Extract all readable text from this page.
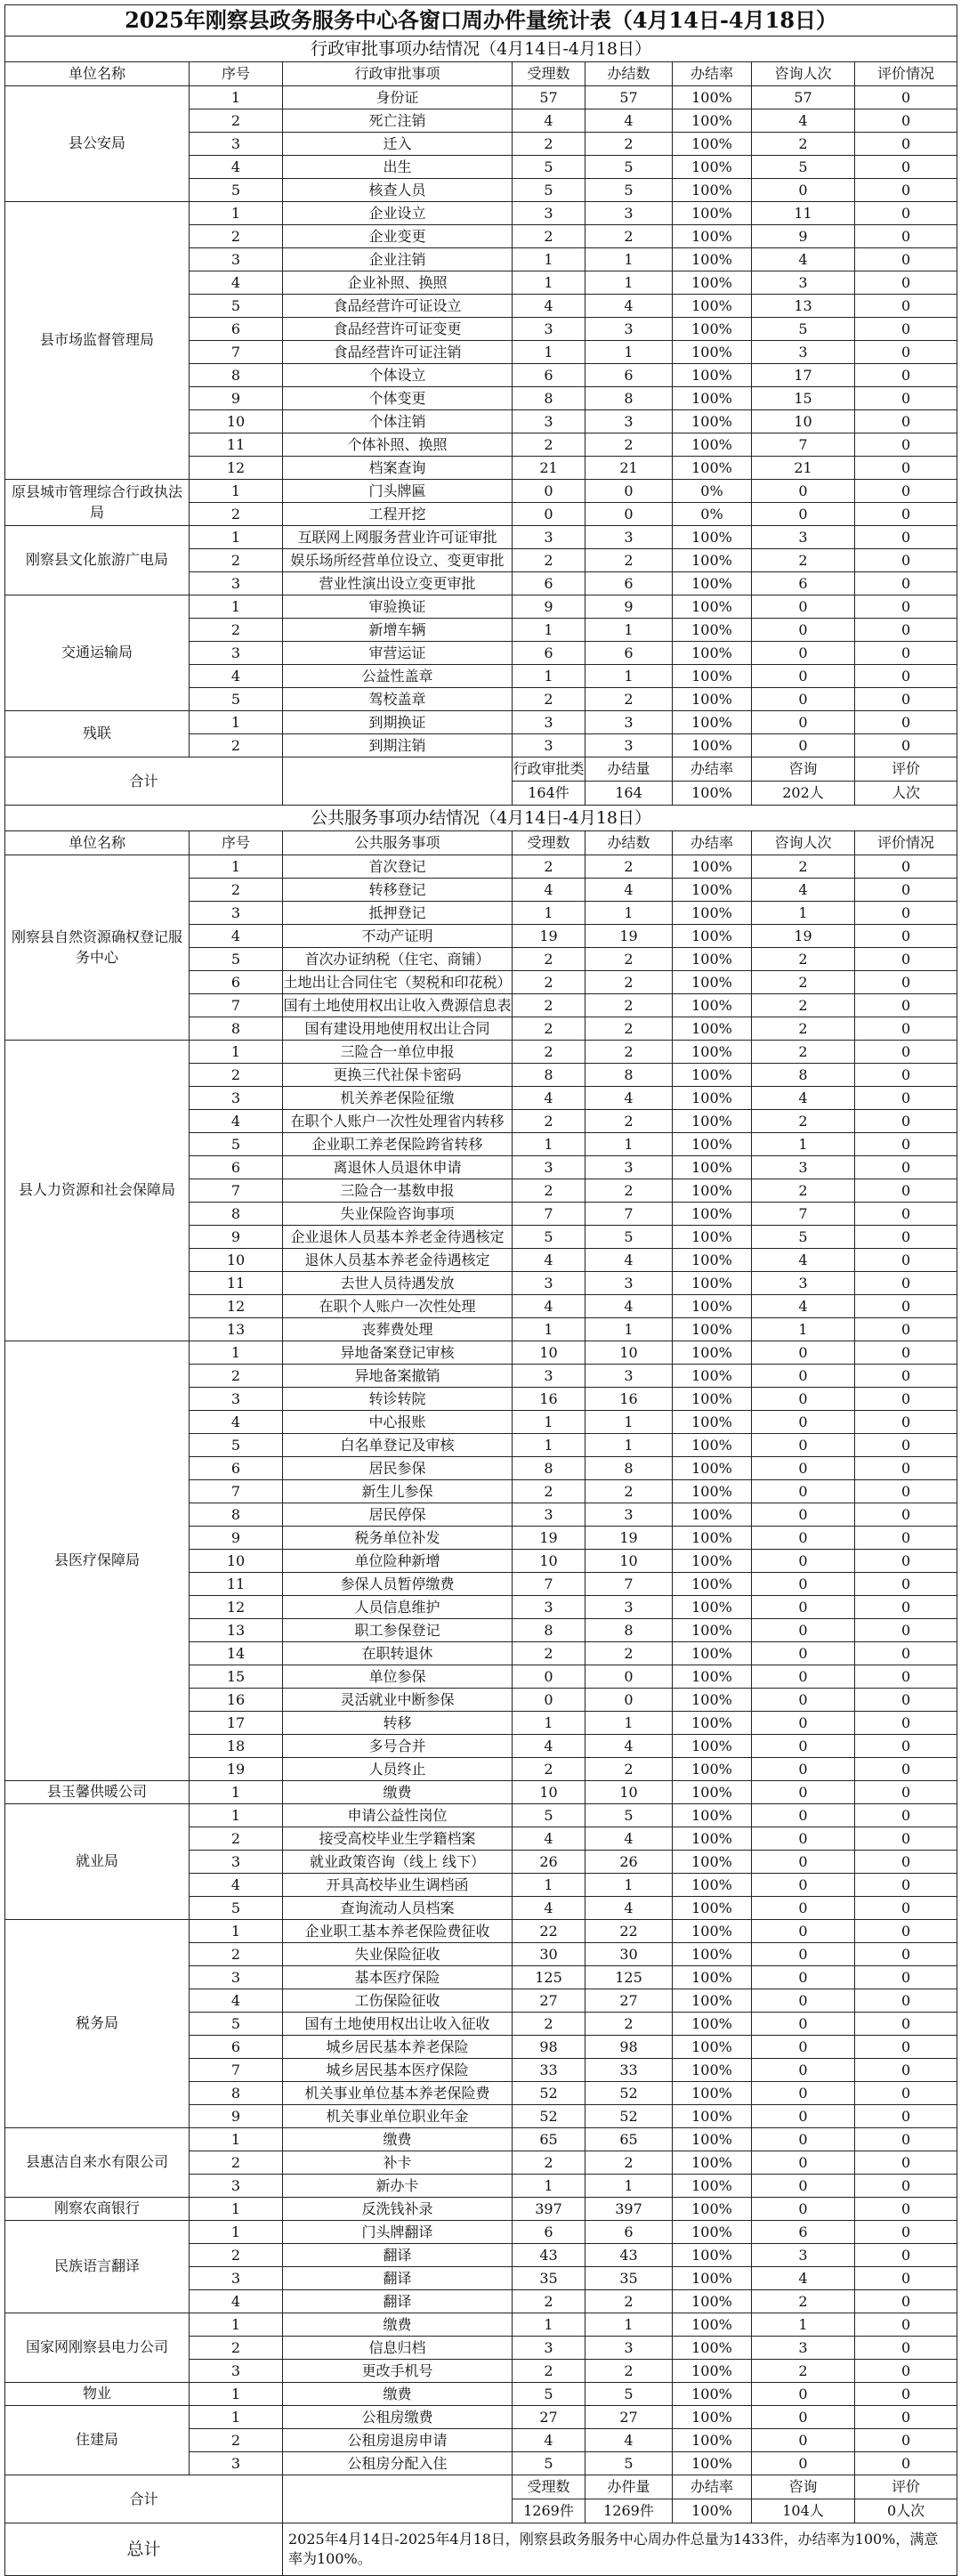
2025年刚察县政务服务中心各窗口周办件量统计表（4月14日-4月18日）							
行政审批事项办结情况（4月14日-4月18日）							
单位名称	序号	行政审批事项	受理数	办结数	办结率	咨询人次	评价情况
县公安局	1	身份证	57	57	100%	57	0
	2	死亡注销	4	4	100%	4	0
	3	迁入	2	2	100%	2	0
	4	出生	5	5	100%	5	0
	5	核查人员	5	5	100%	0	0
县市场监督管理局	1	企业设立	3	3	100%	11	0
	2	企业变更	2	2	100%	9	0
	3	企业注销	1	1	100%	4	0
	4	企业补照、换照	1	1	100%	3	0
	5	食品经营许可证设立	4	4	100%	13	0
	6	食品经营许可证变更	3	3	100%	5	0
	7	食品经营许可证注销	1	1	100%	3	0
	8	个体设立	6	6	100%	17	0
	9	个体变更	8	8	100%	15	0
	10	个体注销	3	3	100%	10	0
	11	个体补照、换照	2	2	100%	7	0
	12	档案查询	21	21	100%	21	0
原县城市管理综合行政执法局	1	门头牌匾	0	0	0%	0	0
	2	工程开挖	0	0	0%	0	0
刚察县文化旅游广电局	1	互联网上网服务营业许可证审批	3	3	100%	3	0
	2	娱乐场所经营单位设立、变更审批	2	2	100%	2	0
	3	营业性演出设立变更审批	6	6	100%	6	0
交通运输局	1	审验换证	9	9	100%	0	0
	2	新增车辆	1	1	100%	0	0
	3	审营运证	6	6	100%	0	0
	4	公益性盖章	1	1	100%	0	0
	5	驾校盖章	2	2	100%	0	0
残联	1	到期换证	3	3	100%	0	0
	2	到期注销	3	3	100%	0	0
合计			行政审批类	办结量	办结率	咨询	评价
			164件	164	100%	202人	人次
公共服务事项办结情况（4月14日-4月18日）							
单位名称	序号	公共服务事项	受理数	办结数	办结率	咨询人次	评价情况
刚察县自然资源确权登记服务中心	1	首次登记	2	2	100%	2	0
	2	转移登记	4	4	100%	4	0
	3	抵押登记	1	1	100%	1	0
	4	不动产证明	19	19	100%	19	0
	5	首次办证纳税（住宅、商铺）	2	2	100%	2	0
	6	土地出让合同住宅（契税和印花税）	2	2	100%	2	0
	7	国有土地使用权出让收入费源信息表	2	2	100%	2	0
	8	国有建设用地使用权出让合同	2	2	100%	2	0
县人力资源和社会保障局	1	三险合一单位申报	2	2	100%	2	0
	2	更换三代社保卡密码	8	8	100%	8	0
	3	机关养老保险征缴	4	4	100%	4	0
	4	在职个人账户一次性处理省内转移	2	2	100%	2	0
	5	企业职工养老保险跨省转移	1	1	100%	1	0
	6	离退休人员退休申请	3	3	100%	3	0
	7	三险合一基数申报	2	2	100%	2	0
	8	失业保险咨询事项	7	7	100%	7	0
	9	企业退休人员基本养老金待遇核定	5	5	100%	5	0
	10	退休人员基本养老金待遇核定	4	4	100%	4	0
	11	去世人员待遇发放	3	3	100%	3	0
	12	在职个人账户一次性处理	4	4	100%	4	0
	13	丧葬费处理	1	1	100%	1	0
县医疗保障局	1	异地备案登记审核	10	10	100%	0	0
	2	异地备案撤销	3	3	100%	0	0
	3	转诊转院	16	16	100%	0	0
	4	中心报账	1	1	100%	0	0
	5	白名单登记及审核	1	1	100%	0	0
	6	居民参保	8	8	100%	0	0
	7	新生儿参保	2	2	100%	0	0
	8	居民停保	3	3	100%	0	0
	9	税务单位补发	19	19	100%	0	0
	10	单位险种新增	10	10	100%	0	0
	11	参保人员暂停缴费	7	7	100%	0	0
	12	人员信息维护	3	3	100%	0	0
	13	职工参保登记	8	8	100%	0	0
	14	在职转退休	2	2	100%	0	0
	15	单位参保	0	0	100%	0	0
	16	灵活就业中断参保	0	0	100%	0	0
	17	转移	1	1	100%	0	0
	18	多号合并	4	4	100%	0	0
	19	人员终止	2	2	100%	0	0
县玉馨供暖公司	1	缴费	10	10	100%	0	0
就业局	1	申请公益性岗位	5	5	100%	0	0
	2	接受高校毕业生学籍档案	4	4	100%	0	0
	3	就业政策咨询（线上 线下）	26	26	100%	0	0
	4	开具高校毕业生调档函	1	1	100%	0	0
	5	查询流动人员档案	4	4	100%	0	0
税务局	1	企业职工基本养老保险费征收	22	22	100%	0	0
	2	失业保险征收	30	30	100%	0	0
	3	基本医疗保险	125	125	100%	0	0
	4	工伤保险征收	27	27	100%	0	0
	5	国有土地使用权出让收入征收	2	2	100%	0	0
	6	城乡居民基本养老保险	98	98	100%	0	0
	7	城乡居民基本医疗保险	33	33	100%	0	0
	8	机关事业单位基本养老保险费	52	52	100%	0	0
	9	机关事业单位职业年金	52	52	100%	0	0
县惠洁自来水有限公司	1	缴费	65	65	100%	0	0
	2	补卡	2	2	100%	0	0
	3	新办卡	1	1	100%	0	0
刚察农商银行	1	反洗钱补录	397	397	100%	0	0
民族语言翻译	1	门头牌翻译	6	6	100%	6	0
	2	翻译	43	43	100%	3	0
	3	翻译	35	35	100%	4	0
	4	翻译	2	2	100%	2	0
国家网刚察县电力公司	1	缴费	1	1	100%	1	0
	2	信息归档	3	3	100%	3	0
	3	更改手机号	2	2	100%	2	0
物业	1	缴费	5	5	100%	0	0
住建局	1	公租房缴费	27	27	100%	0	0
	2	公租房退房申请	4	4	100%	0	0
	3	公租房分配入住	5	5	100%	0	0
合计			受理数	办件量	办结率	咨询	评价
			1269件	1269件	100%	104人	0人次
总计		2025年4月14日-2025年4月18日，刚察县政务服务中心周办件总量为1433件，办结率为100%，满意率为100%。					
